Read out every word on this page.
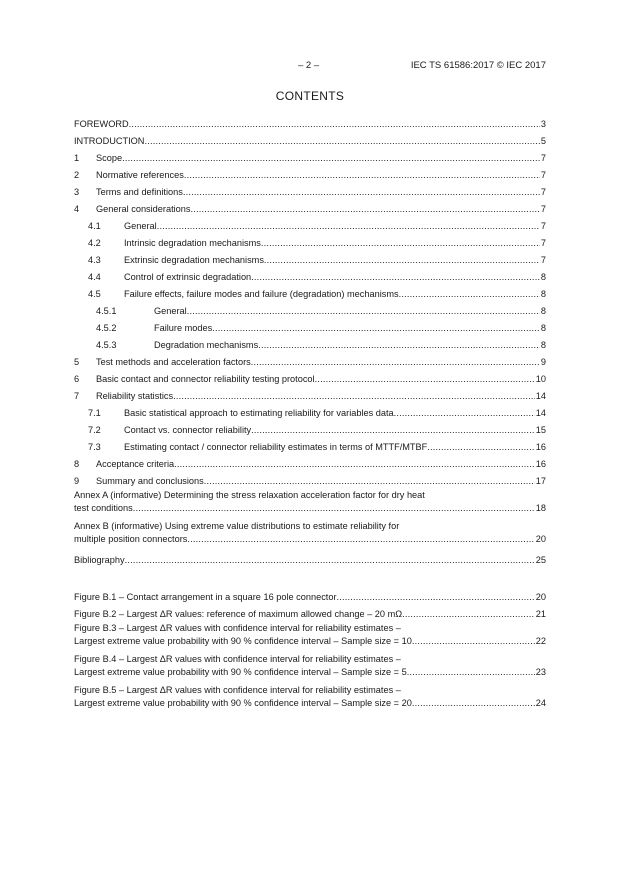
– 2 –	IEC TS 61586:2017 © IEC 2017
CONTENTS
FOREWORD .....	3
INTRODUCTION .....	5
1	Scope .....	7
2	Normative references .....	7
3	Terms and definitions .....	7
4	General considerations .....	7
4.1	General .....	7
4.2	Intrinsic degradation mechanisms .....	7
4.3	Extrinsic degradation mechanisms .....	7
4.4	Control of extrinsic degradation .....	8
4.5	Failure effects, failure modes and failure (degradation) mechanisms .....	8
4.5.1	General .....	8
4.5.2	Failure modes .....	8
4.5.3	Degradation mechanisms .....	8
5	Test methods and acceleration factors .....	9
6	Basic contact and connector reliability testing protocol .....	10
7	Reliability statistics .....	14
7.1	Basic statistical approach to estimating reliability for variables data .....	14
7.2	Contact vs. connector reliability .....	15
7.3	Estimating contact / connector reliability estimates in terms of MTTF/MTBF .....	16
8	Acceptance criteria .....	16
9	Summary and conclusions .....	17
Annex A (informative) Determining the stress relaxation acceleration factor for dry heat
test conditions .....	18
Annex B (informative) Using extreme value distributions to estimate reliability for
multiple position connectors .....	20
Bibliography .....	25
Figure B.1 – Contact arrangement in a square 16 pole connector .....	20
Figure B.2 – Largest ΔR values: reference of maximum allowed change – 20 mΩ .....	21
Figure B.3 – Largest ΔR values with confidence interval for reliability estimates –
Largest extreme value probability with 90 % confidence interval – Sample size = 10 .....	22
Figure B.4 – Largest ΔR values with confidence interval for reliability estimates –
Largest extreme value probability with 90 % confidence interval – Sample size = 5 .....	23
Figure B.5 – Largest ΔR values with confidence interval for reliability estimates –
Largest extreme value probability with 90 % confidence interval – Sample size = 20 .....	24
